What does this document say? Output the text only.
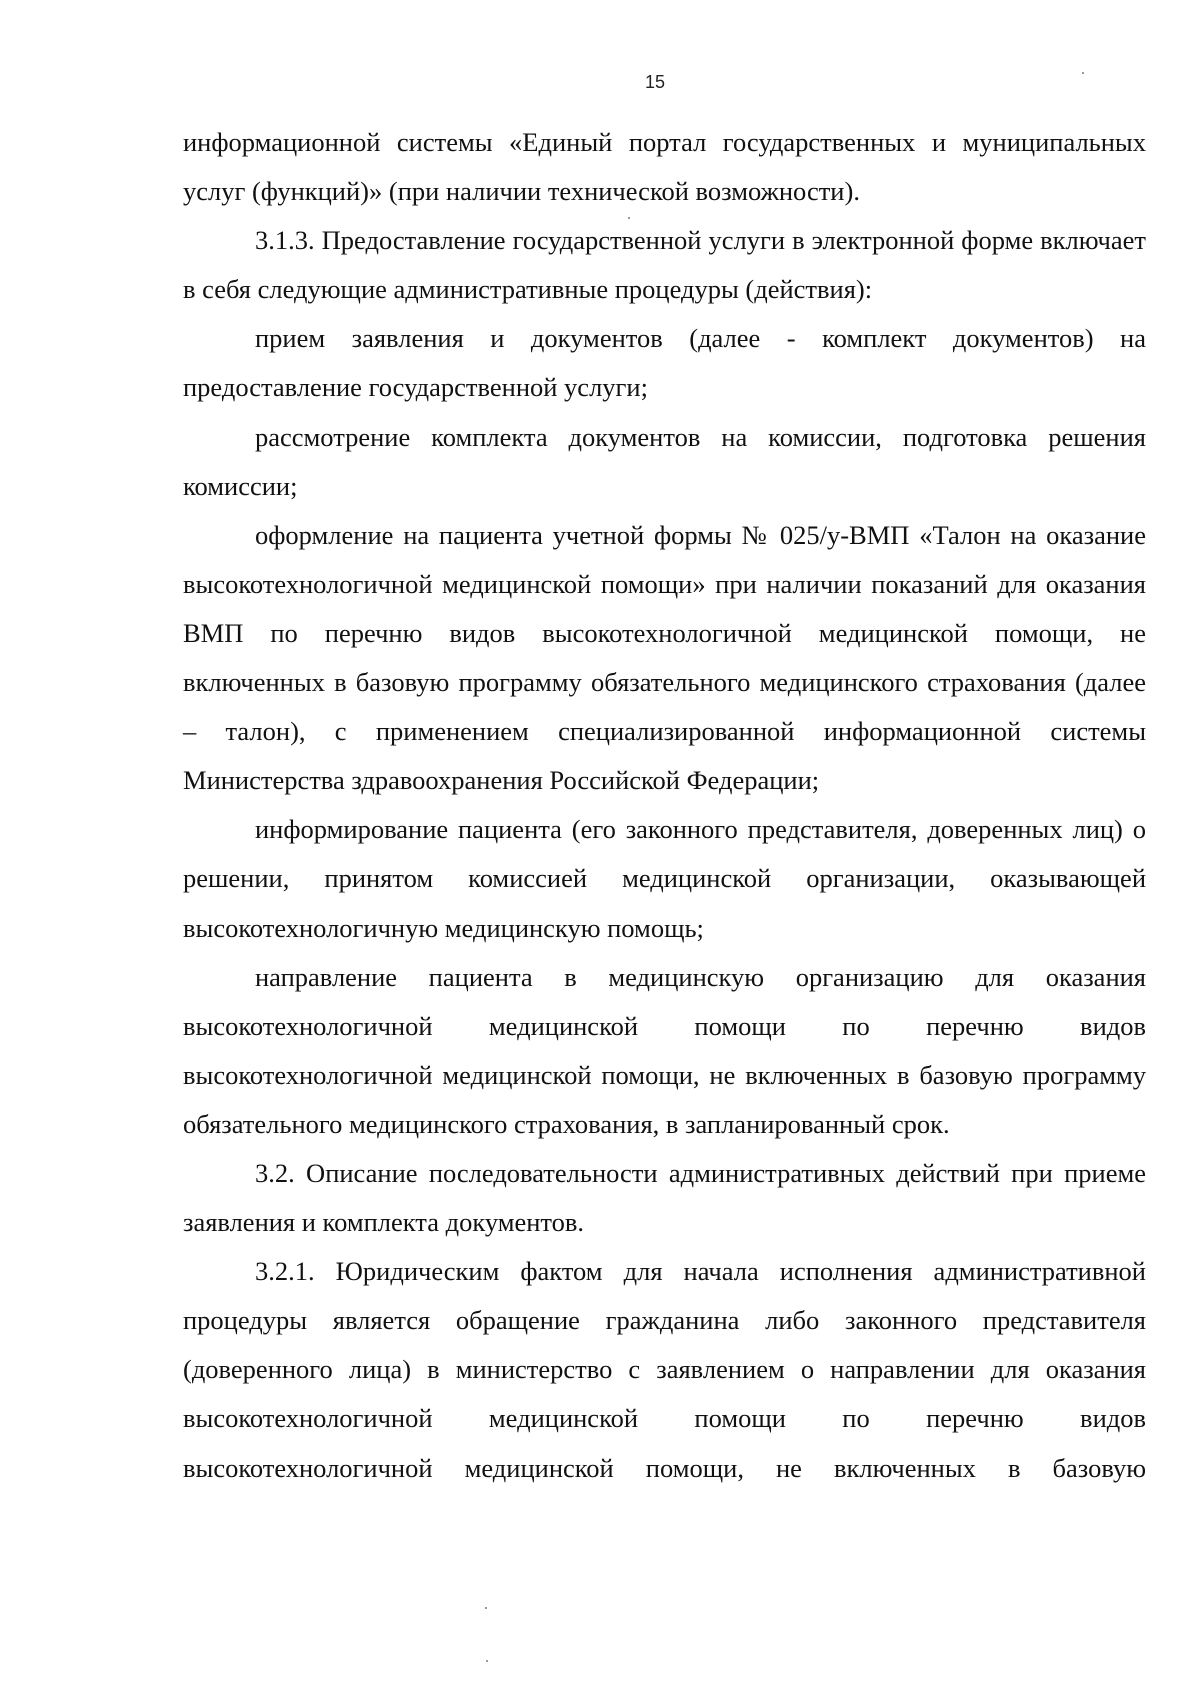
15

информационной системы «Единый портал государственных и муниципальных услуг (функций)» (при наличии технической возможности).

3.1.3. Предоставление государственной услуги в электронной форме включает в себя следующие административные процедуры (действия):

прием заявления и документов (далее - комплект документов) на предоставление государственной услуги;

рассмотрение комплекта документов на комиссии, подготовка решения комиссии;

оформление на пациента учетной формы № 025/у-ВМП «Талон на оказание высокотехнологичной медицинской помощи» при наличии показаний для оказания ВМП по перечню видов высокотехнологичной медицинской помощи, не включенных в базовую программу обязательного медицинского страхования (далее – талон), с применением специализированной информационной системы Министерства здравоохранения Российской Федерации;

информирование пациента (его законного представителя, доверенных лиц) о решении, принятом комиссией медицинской организации, оказывающей высокотехнологичную медицинскую помощь;

направление пациента в медицинскую организацию для оказания высокотехнологичной медицинской помощи по перечню видов высокотехнологичной медицинской помощи, не включенных в базовую программу обязательного медицинского страхования, в запланированный срок.

3.2. Описание последовательности административных действий при приеме заявления и комплекта документов.

3.2.1. Юридическим фактом для начала исполнения административной процедуры является обращение гражданина либо законного представителя (доверенного лица) в министерство с заявлением о направлении для оказания высокотехнологичной медицинской помощи по перечню видов высокотехнологичной медицинской помощи, не включенных в базовую
